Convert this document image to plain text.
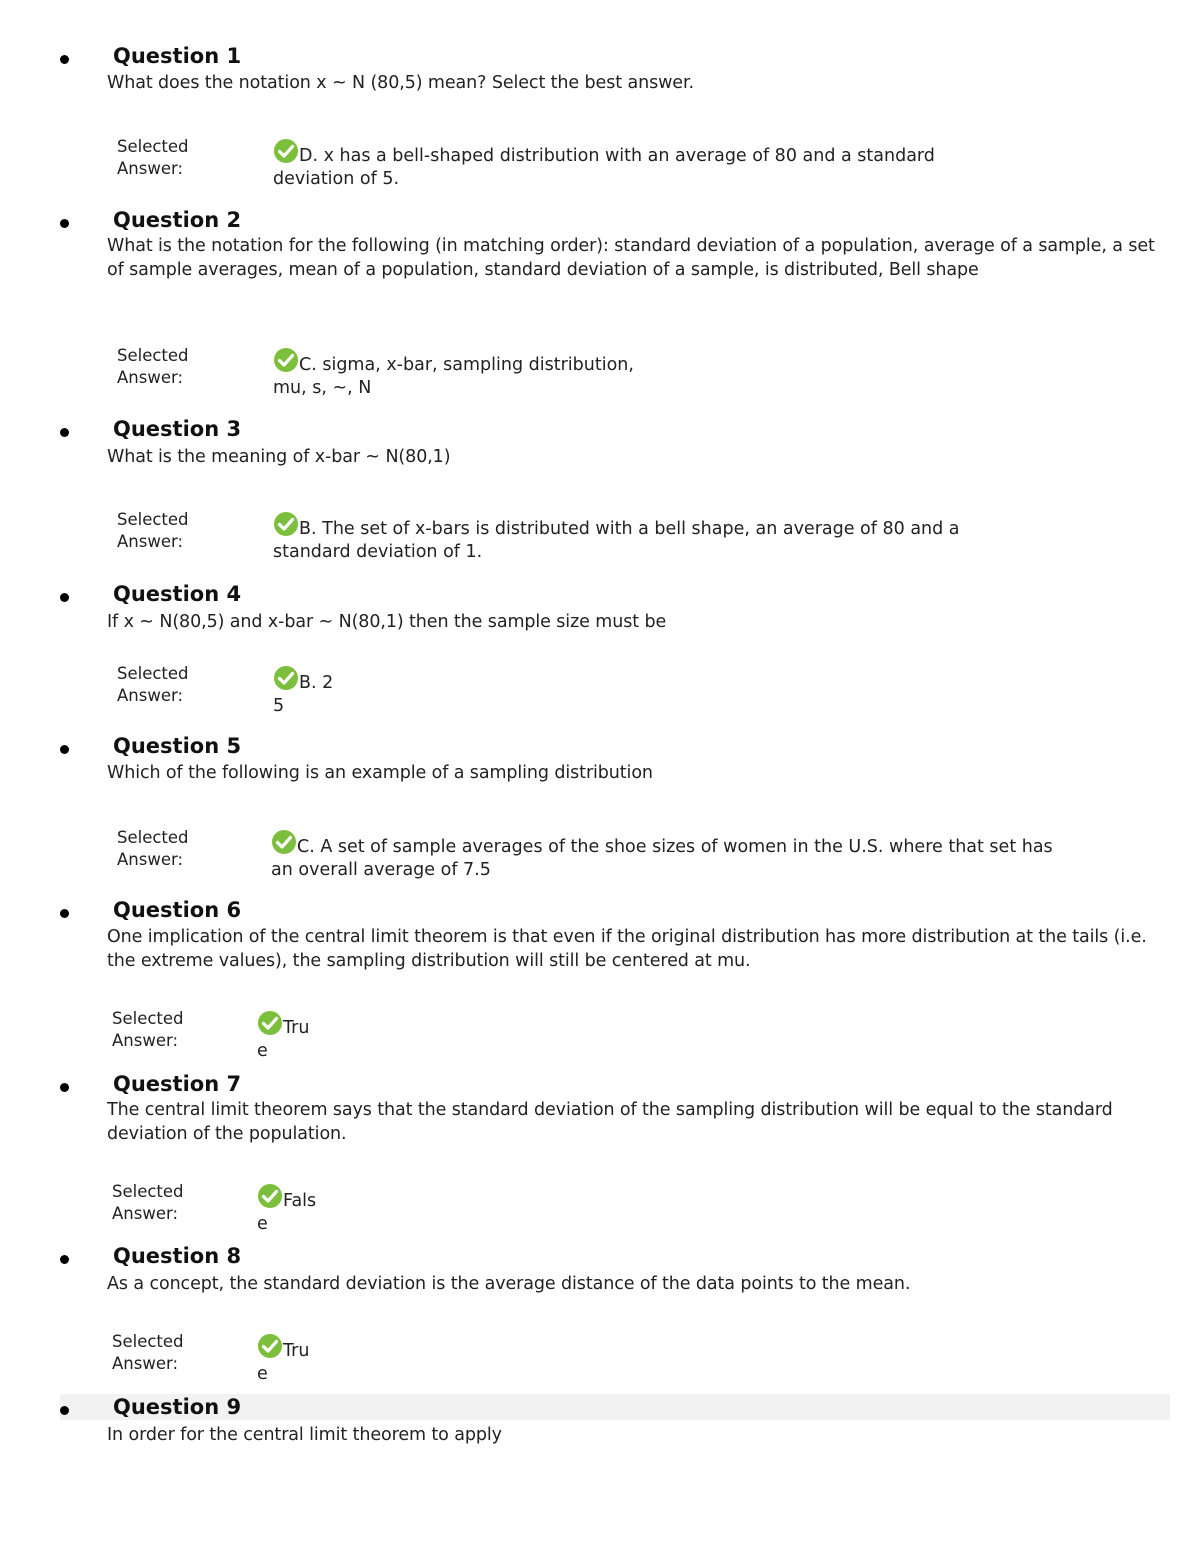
Question 1
What does the notation x ~ N (80,5) mean? Select the best answer.
Selected
Answer:
D. x has a bell-shaped distribution with an average of 80 and a standard
deviation of 5.
Question 2
What is the notation for the following (in matching order): standard deviation of a population, average of a sample, a set of sample averages, mean of a population, standard deviation of a sample, is distributed, Bell shape
Selected
Answer:
C. sigma, x-bar, sampling distribution,
mu, s, ~, N
Question 3
What is the meaning of x-bar ~ N(80,1)
Selected
Answer:
B. The set of x-bars is distributed with a bell shape, an average of 80 and a
standard deviation of 1.
Question 4
If x ~ N(80,5) and x-bar ~ N(80,1) then the sample size must be
Selected
Answer:
B. 2
5
Question 5
Which of the following is an example of a sampling distribution
Selected
Answer:
C. A set of sample averages of the shoe sizes of women in the U.S. where that set has
an overall average of 7.5
Question 6
One implication of the central limit theorem is that even if the original distribution has more distribution at the tails (i.e. the extreme values), the sampling distribution will still be centered at mu.
Selected
Answer:
Tru
e
Question 7
The central limit theorem says that the standard deviation of the sampling distribution will be equal to the standard deviation of the population.
Selected
Answer:
Fals
e
Question 8
As a concept, the standard deviation is the average distance of the data points to the mean.
Selected
Answer:
Tru
e
Question 9
In order for the central limit theorem to apply
